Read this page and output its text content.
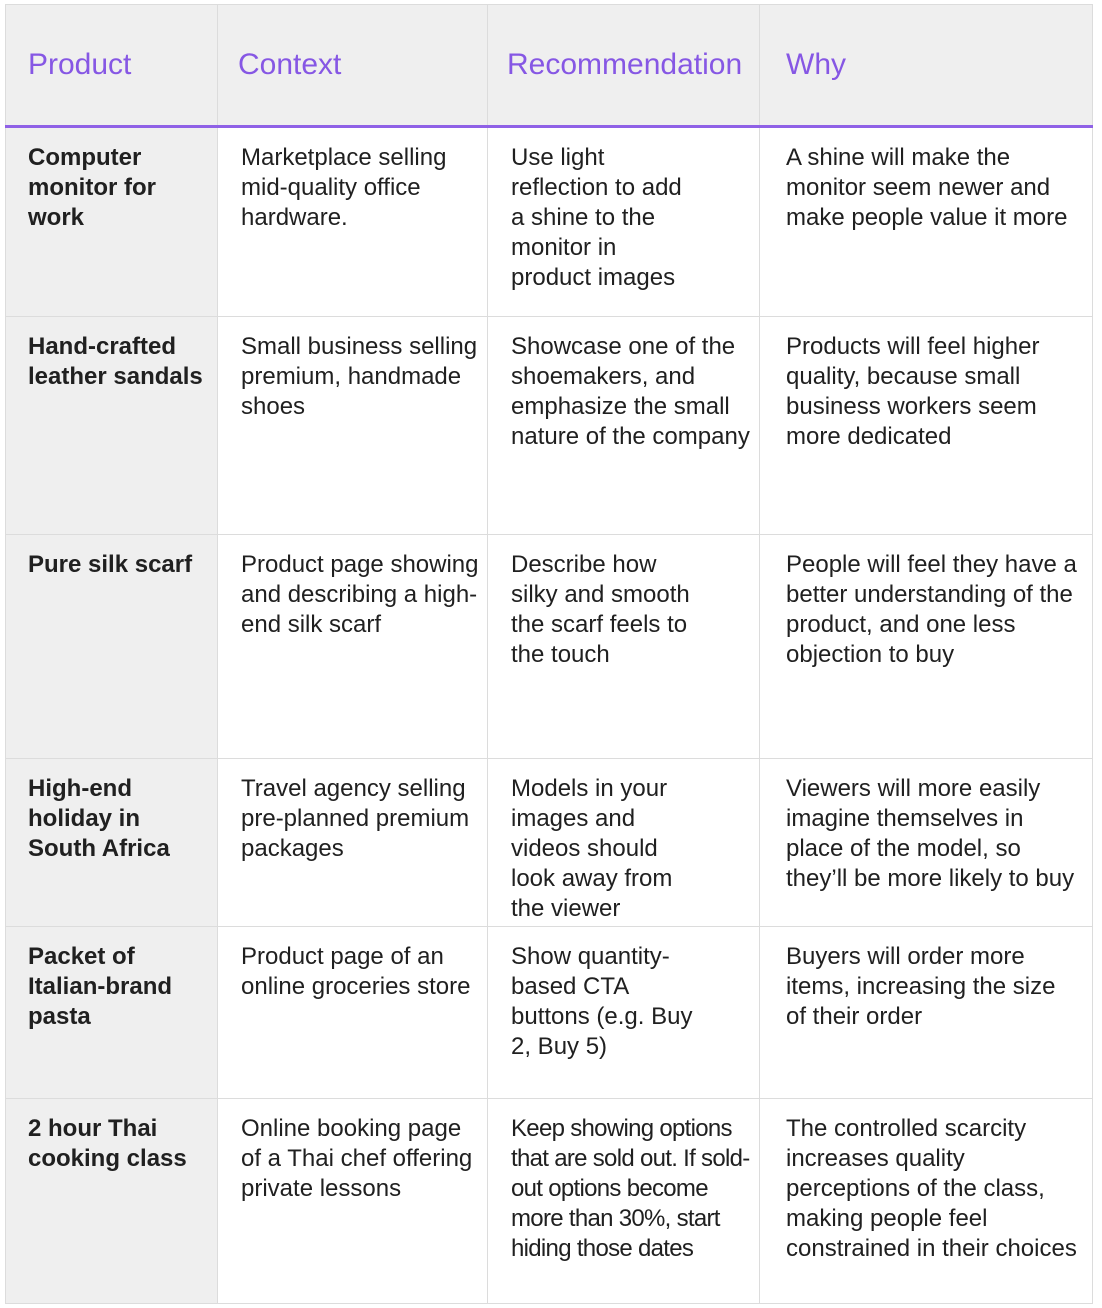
Product	Context	Recommendation	Why

Computer monitor for work	Marketplace selling mid-quality office hardware.	Use light reflection to add a shine to the monitor in product images	A shine will make the monitor seem newer and make people value it more
Hand-crafted leather sandals	Small business selling premium, handmade shoes	Showcase one of the shoemakers, and emphasize the small nature of the company	Products will feel higher quality, because small business workers seem more dedicated
Pure silk scarf	Product page showing and describing a high-end silk scarf	Describe how silky and smooth the scarf feels to the touch	People will feel they have a better understanding of the product, and one less objection to buy
High-end holiday in South Africa	Travel agency selling pre-planned premium packages	Models in your images and videos should look away from the viewer	Viewers will more easily imagine themselves in place of the model, so they’ll be more likely to buy
Packet of Italian-brand pasta	Product page of an online groceries store	Show quantity-based CTA buttons (e.g. Buy 2, Buy 5)	Buyers will order more items, increasing the size of their order
2 hour Thai cooking class	Online booking page of a Thai chef offering private lessons	Keep showing options that are sold out. If sold-out options become more than 30%, start hiding those dates	The controlled scarcity increases quality perceptions of the class, making people feel constrained in their choices
